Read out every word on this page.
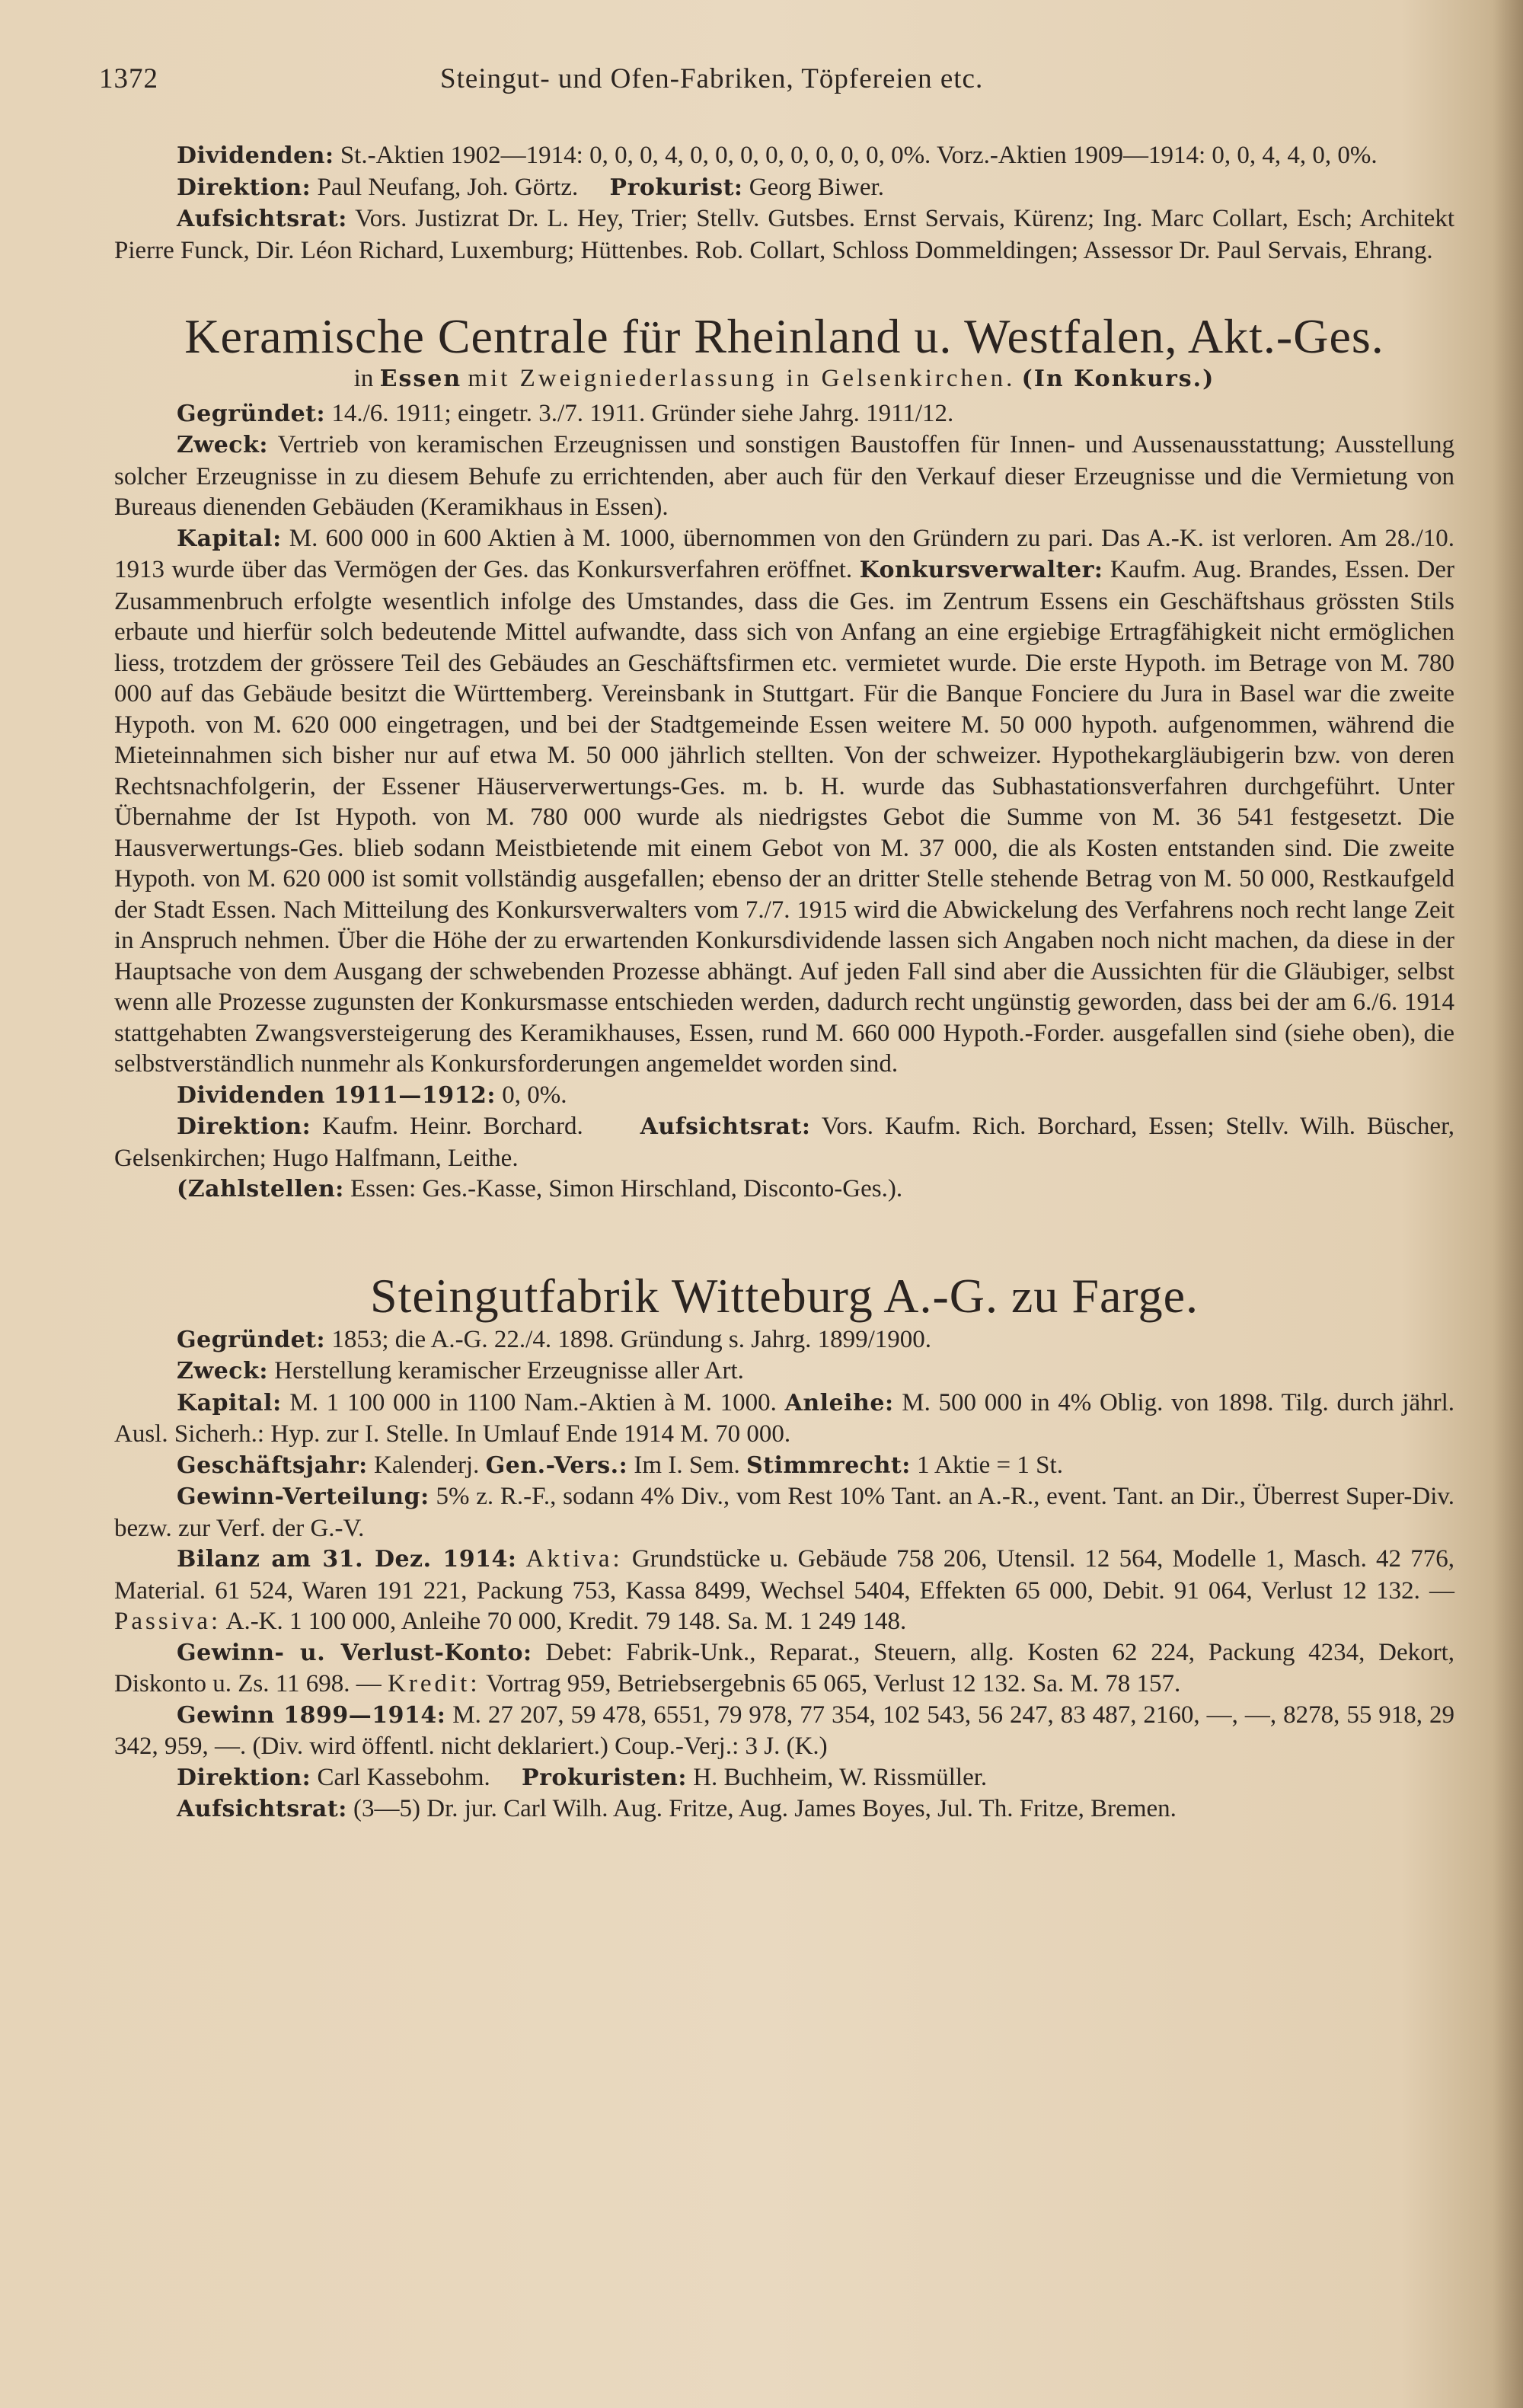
1372	Steingut- und Ofen-Fabriken, Töpfereien etc.

Dividenden: St.-Aktien 1902—1914: 0, 0, 0, 4, 0, 0, 0, 0, 0, 0, 0, 0, 0%. Vorz.-Aktien 1909—1914: 0, 0, 4, 4, 0, 0%.

Direktion: Paul Neufang, Joh. Görtz. Prokurist: Georg Biwer.

Aufsichtsrat: Vors. Justizrat Dr. L. Hey, Trier; Stellv. Gutsbes. Ernst Servais, Kürenz; Ing. Marc Collart, Esch; Architekt Pierre Funck, Dir. Léon Richard, Luxemburg; Hüttenbes. Rob. Collart, Schloss Dommeldingen; Assessor Dr. Paul Servais, Ehrang.

Keramische Centrale für Rheinland u. Westfalen, Akt.-Ges.

in Essen mit Zweigniederlassung in Gelsenkirchen. (In Konkurs.)

Gegründet: 14./6. 1911; eingetr. 3./7. 1911. Gründer siehe Jahrg. 1911/12.

Zweck: Vertrieb von keramischen Erzeugnissen und sonstigen Baustoffen für Innen- und Aussenausstattung; Ausstellung solcher Erzeugnisse in zu diesem Behufe zu errichtenden, aber auch für den Verkauf dieser Erzeugnisse und die Vermietung von Bureaus dienenden Gebäuden (Keramikhaus in Essen).

Kapital: M. 600 000 in 600 Aktien à M. 1000, übernommen von den Gründern zu pari. Das A.-K. ist verloren. Am 28./10. 1913 wurde über das Vermögen der Ges. das Konkursverfahren eröffnet. Konkursverwalter: Kaufm. Aug. Brandes, Essen. Der Zusammenbruch erfolgte wesentlich infolge des Umstandes, dass die Ges. im Zentrum Essens ein Geschäftshaus grössten Stils erbaute und hierfür solch bedeutende Mittel aufwandte, dass sich von Anfang an eine ergiebige Ertragfähigkeit nicht ermöglichen liess, trotzdem der grössere Teil des Gebäudes an Geschäftsfirmen etc. vermietet wurde. Die erste Hypoth. im Betrage von M. 780 000 auf das Gebäude besitzt die Württemberg. Vereinsbank in Stuttgart. Für die Banque Fonciere du Jura in Basel war die zweite Hypoth. von M. 620 000 eingetragen, und bei der Stadtgemeinde Essen weitere M. 50 000 hypoth. aufgenommen, während die Mieteinnahmen sich bisher nur auf etwa M. 50 000 jährlich stellten. Von der schweizer. Hypothekargläubigerin bzw. von deren Rechtsnachfolgerin, der Essener Häuserverwertungs-Ges. m. b. H. wurde das Subhastationsverfahren durchgeführt. Unter Übernahme der Ist Hypoth. von M. 780 000 wurde als niedrigstes Gebot die Summe von M. 36 541 festgesetzt. Die Hausverwertungs-Ges. blieb sodann Meistbietende mit einem Gebot von M. 37 000, die als Kosten entstanden sind. Die zweite Hypoth. von M. 620 000 ist somit vollständig ausgefallen; ebenso der an dritter Stelle stehende Betrag von M. 50 000, Restkaufgeld der Stadt Essen. Nach Mitteilung des Konkursverwalters vom 7./7. 1915 wird die Abwickelung des Verfahrens noch recht lange Zeit in Anspruch nehmen. Über die Höhe der zu erwartenden Konkursdividende lassen sich Angaben noch nicht machen, da diese in der Hauptsache von dem Ausgang der schwebenden Prozesse abhängt. Auf jeden Fall sind aber die Aussichten für die Gläubiger, selbst wenn alle Prozesse zugunsten der Konkursmasse entschieden werden, dadurch recht ungünstig geworden, dass bei der am 6./6. 1914 stattgehabten Zwangsversteigerung des Keramikhauses, Essen, rund M. 660 000 Hypoth.-Forder. ausgefallen sind (siehe oben), die selbstverständlich nunmehr als Konkursforderungen angemeldet worden sind.

Dividenden 1911—1912: 0, 0%.

Direktion: Kaufm. Heinr. Borchard. Aufsichtsrat: Vors. Kaufm. Rich. Borchard, Essen; Stellv. Wilh. Büscher, Gelsenkirchen; Hugo Halfmann, Leithe.

(Zahlstellen: Essen: Ges.-Kasse, Simon Hirschland, Disconto-Ges.).

Steingutfabrik Witteburg A.-G. zu Farge.

Gegründet: 1853; die A.-G. 22./4. 1898. Gründung s. Jahrg. 1899/1900.

Zweck: Herstellung keramischer Erzeugnisse aller Art.

Kapital: M. 1 100 000 in 1100 Nam.-Aktien à M. 1000. Anleihe: M. 500 000 in 4% Oblig. von 1898. Tilg. durch jährl. Ausl. Sicherh.: Hyp. zur I. Stelle. In Umlauf Ende 1914 M. 70 000.

Geschäftsjahr: Kalenderj. Gen.-Vers.: Im I. Sem. Stimmrecht: 1 Aktie = 1 St.

Gewinn-Verteilung: 5% z. R.-F., sodann 4% Div., vom Rest 10% Tant. an A.-R., event. Tant. an Dir., Überrest Super-Div. bezw. zur Verf. der G.-V.

Bilanz am 31. Dez. 1914: Aktiva: Grundstücke u. Gebäude 758 206, Utensil. 12 564, Modelle 1, Masch. 42 776, Material. 61 524, Waren 191 221, Packung 753, Kassa 8499, Wechsel 5404, Effekten 65 000, Debit. 91 064, Verlust 12 132. — Passiva: A.-K. 1 100 000, Anleihe 70 000, Kredit. 79 148. Sa. M. 1 249 148.

Gewinn- u. Verlust-Konto: Debet: Fabrik-Unk., Reparat., Steuern, allg. Kosten 62 224, Packung 4234, Dekort, Diskonto u. Zs. 11 698. — Kredit: Vortrag 959, Betriebsergebnis 65 065, Verlust 12 132. Sa. M. 78 157.

Gewinn 1899—1914: M. 27 207, 59 478, 6551, 79 978, 77 354, 102 543, 56 247, 83 487, 2160, —, —, 8278, 55 918, 29 342, 959, —. (Div. wird öffentl. nicht deklariert.) Coup.-Verj.: 3 J. (K.)

Direktion: Carl Kassebohm. Prokuristen: H. Buchheim, W. Rissmüller.

Aufsichtsrat: (3—5) Dr. jur. Carl Wilh. Aug. Fritze, Aug. James Boyes, Jul. Th. Fritze, Bremen.
